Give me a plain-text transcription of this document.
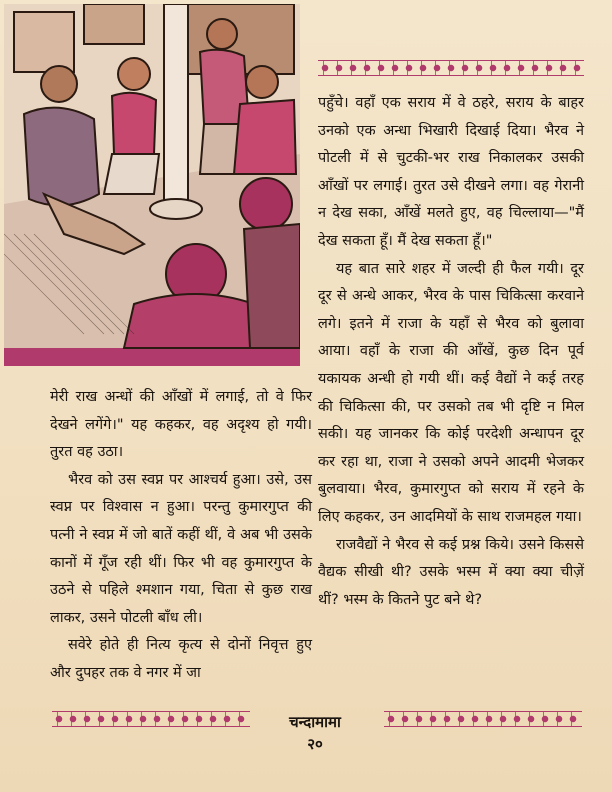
पहुँचे। वहाँ एक सराय में वे ठहरे, सराय के बाहर उनको एक अन्धा भिखारी दिखाई दिया। भैरव ने पोटली में से चुटकी-भर राख निकालकर उसकी आँखों पर लगाई। तुरत उसे दीखने लगा। वह गेरानी न देख सका, आँखें मलते हुए, वह चिल्लाया—"मैं देख सकता हूँ। मैं देख सकता हूँ।"

यह बात सारे शहर में जल्दी ही फैल गयी। दूर दूर से अन्धे आकर, भैरव के पास चिकित्सा करवाने लगे। इतने में राजा के यहाँ से भैरव को बुलावा आया। वहाँ के राजा की आँखें, कुछ दिन पूर्व यकायक अन्धी हो गयी थीं। कई वैद्यों ने कई तरह की चिकित्सा की, पर उसको तब भी दृष्टि न मिल सकी। यह जानकर कि कोई परदेशी अन्धापन दूर कर रहा था, राजा ने उसको अपने आदमी भेजकर बुलवाया। भैरव, कुमारगुप्त को सराय में रहने के लिए कहकर, उन आदमियों के साथ राजमहल गया।

राजवैद्यों ने भैरव से कई प्रश्न किये। उसने किससे वैद्यक सीखी थी? उसके भस्म में क्या क्या चीज़ें थीं? भस्म के कितने पुट बने थे?

मेरी राख अन्धों की आँखों में लगाई, तो वे फिर देखने लगेंगे।" यह कहकर, वह अदृश्य हो गयी। तुरत वह उठा।

भैरव को उस स्वप्न पर आश्चर्य हुआ। उसे, उस स्वप्न पर विश्वास न हुआ। परन्तु कुमारगुप्त की पत्नी ने स्वप्न में जो बातें कहीं थीं, वे अब भी उसके कानों में गूँज रही थीं। फिर भी वह कुमारगुप्त के उठने से पहिले श्मशान गया, चिता से कुछ राख लाकर, उसने पोटली बाँध ली।

सवेरे होते ही नित्य कृत्य से दोनों निवृत्त हुए और दुपहर तक वे नगर में जा

चन्दामामा
२०
